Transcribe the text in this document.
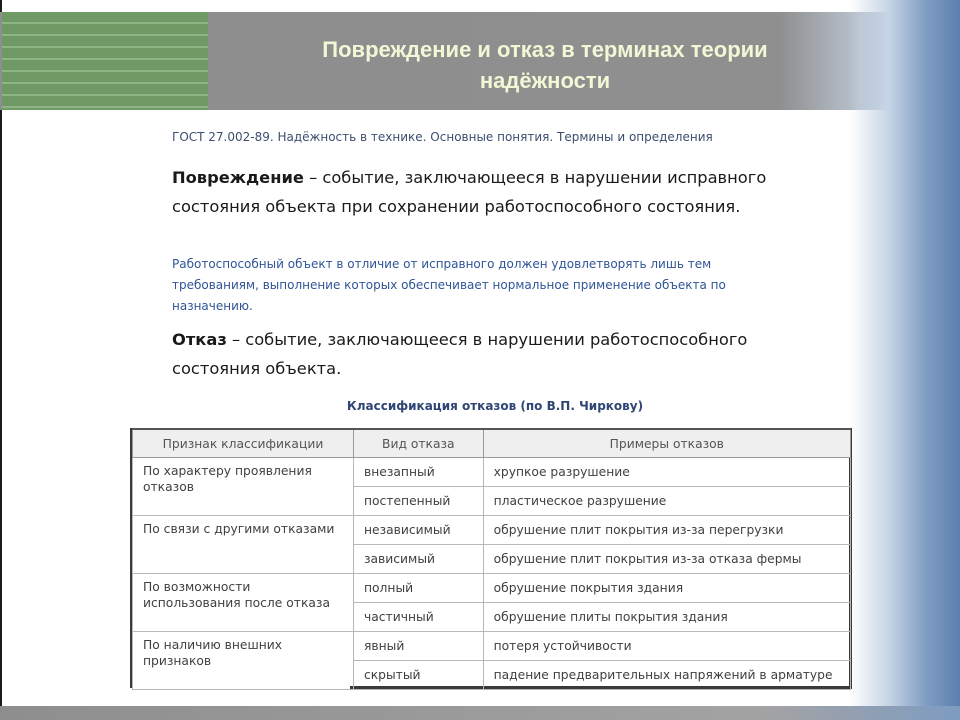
Повреждение и отказ в терминах теории
надёжности

ГОСТ 27.002-89. Надёжность в технике. Основные понятия. Термины и определения

Повреждение – событие, заключающееся в нарушении исправного состояния объекта при сохранении работоспособного состояния.

Работоспособный объект в отличие от исправного должен удовлетворять лишь тем требованиям, выполнение которых обеспечивает нормальное применение объекта по назначению.

Отказ – событие, заключающееся в нарушении работоспособного состояния объекта.

Классификация отказов (по В.П. Чиркову)

Признак классификации	Вид отказа	Примеры отказов
По характеру проявления отказов	внезапный	хрупкое разрушение
	постепенный	пластическое разрушение
По связи с другими отказами	независимый	обрушение плит покрытия из-за перегрузки
	зависимый	обрушение плит покрытия из-за отказа фермы
По возможности использования после отказа	полный	обрушение покрытия здания
	частичный	обрушение плиты покрытия здания
По наличию внешних признаков	явный	потеря устойчивости
	скрытый	падение предварительных напряжений в арматуре
